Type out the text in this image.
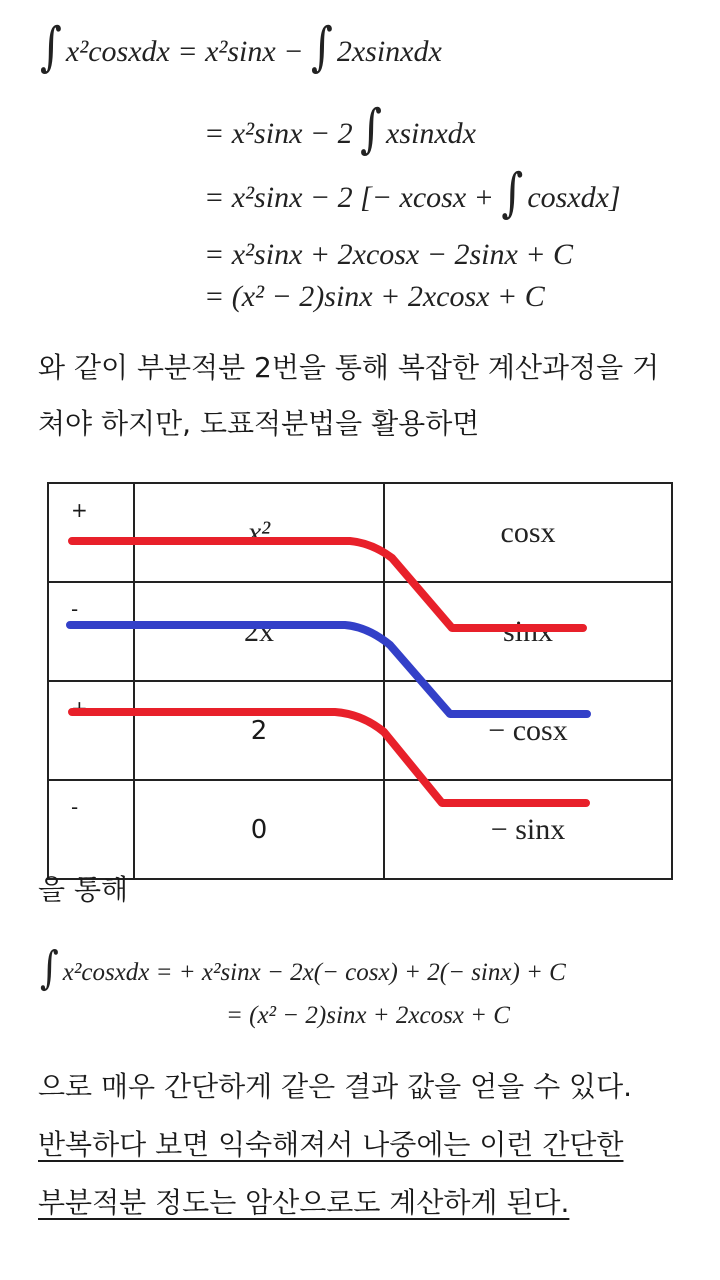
∫ x²cosxdx = x²sinx − ∫ 2xsinxdx
= x²sinx − 2 ∫ xsinxdx
= x²sinx − 2 [− xcosx + ∫ cosxdx]
= x²sinx + 2xcosx − 2sinx + C
= (x² − 2)sinx + 2xcosx + C
와 같이 부분적분 2번을 통해 복잡한 계산과정을 거
쳐야 하지만, 도표적분법을 활용하면
+	x²	cosx
-	2x	sinx
+	2	− cosx
-	0	− sinx
을 통해
∫ x²cosxdx = + x²sinx − 2x(− cosx) + 2(− sinx) + C
= (x² − 2)sinx + 2xcosx + C
으로 매우 간단하게 같은 결과 값을 얻을 수 있다.
반복하다 보면 익숙해져서 나중에는 이런 간단한
부분적분 정도는 암산으로도 계산하게 된다.
